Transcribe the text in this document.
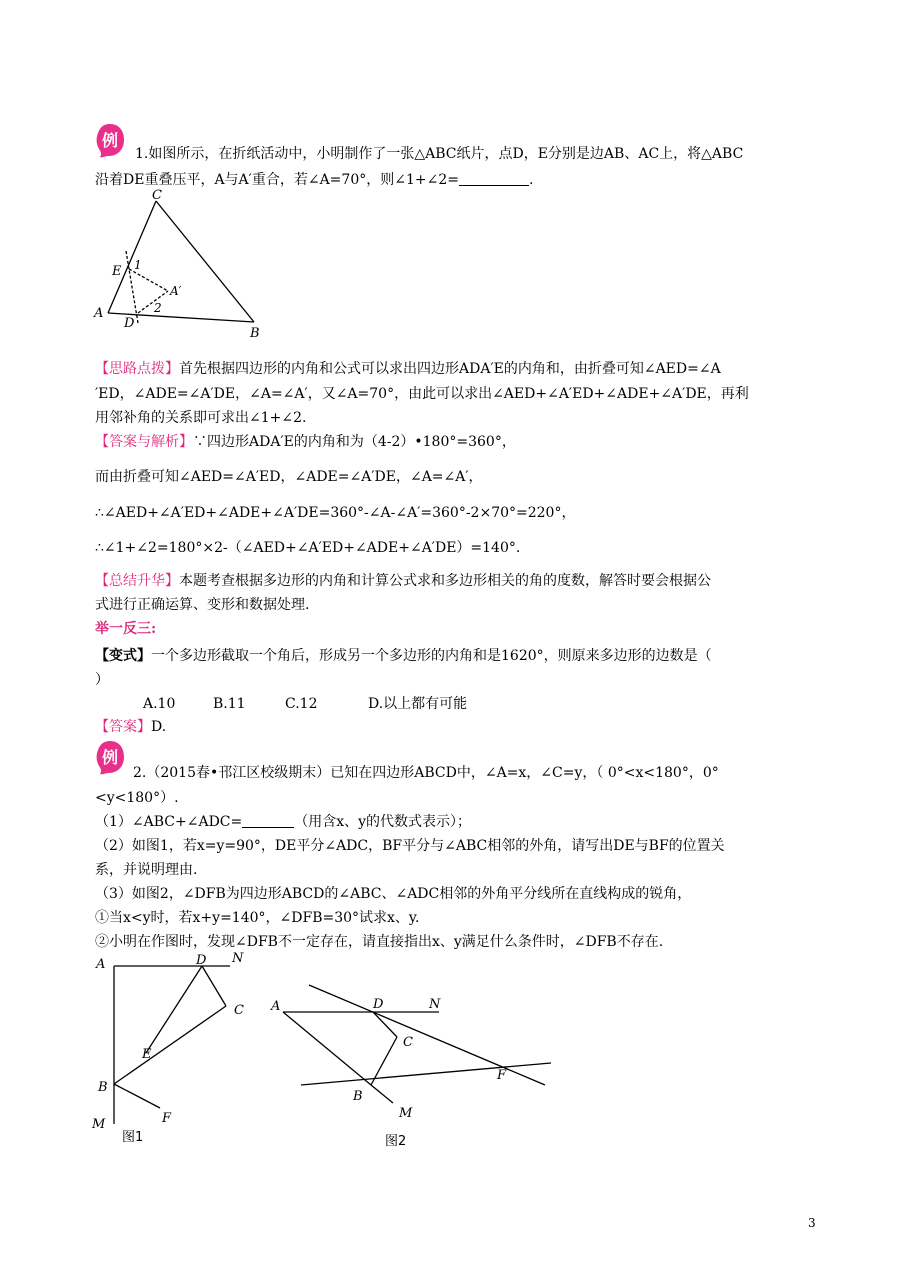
例
1.如图所示，在折纸活动中，小明制作了一张△ABC纸片，点D，E分别是边AB、AC上，将△ABC
沿着DE重叠压平，A与A′重合，若∠A=70°，则∠1+∠2=	.
C
E 1
A′
A	2
D
B
【思路点拨】首先根据四边形的内角和公式可以求出四边形ADA′E的内角和，由折叠可知∠AED=∠A
′ED，∠ADE=∠A′DE，∠A=∠A′，又∠A=70°，由此可以求出∠AED+∠A′ED+∠ADE+∠A′DE，再利
用邻补角的关系即可求出∠1+∠2.
【答案与解析】∵四边形ADA′E的内角和为（4-2）•180°=360°，
而由折叠可知∠AED=∠A′ED，∠ADE=∠A′DE，∠A=∠A′，
∴∠AED+∠A′ED+∠ADE+∠A′DE=360°-∠A-∠A′=360°-2×70°=220°，
∴∠1+∠2=180°×2-（∠AED+∠A′ED+∠ADE+∠A′DE）=140°.
【总结升华】本题考查根据多边形的内角和计算公式求和多边形相关的角的度数，解答时要会根据公
式进行正确运算、变形和数据处理.
举一反三:
【变式】一个多边形截取一个角后，形成另一个多边形的内角和是1620°，则原来多边形的边数是（
）
A.10	B.11	C.12	D.以上都有可能
【答案】D.
例
2.（2015春•邗江区校级期末）已知在四边形ABCD中，∠A=x，∠C=y，（ 0°<x<180°，0°
<y<180°）.
（1）∠ABC+∠ADC=	（用含x、y的代数式表示）；
（2）如图1，若x=y=90°，DE平分∠ADC，BF平分与∠ABC相邻的外角，请写出DE与BF的位置关
系，并说明理由.
（3）如图2，∠DFB为四边形ABCD的∠ABC、∠ADC相邻的外角平分线所在直线构成的锐角，
①当x<y时，若x+y=140°，∠DFB=30°试求x、y.
②小明在作图时，发现∠DFB不一定存在，请直接指出x、y满足什么条件时，∠DFB不存在.
A	D N
C
E
B
M	F
图1
A	D	N
C
B
M
F
图2
3
